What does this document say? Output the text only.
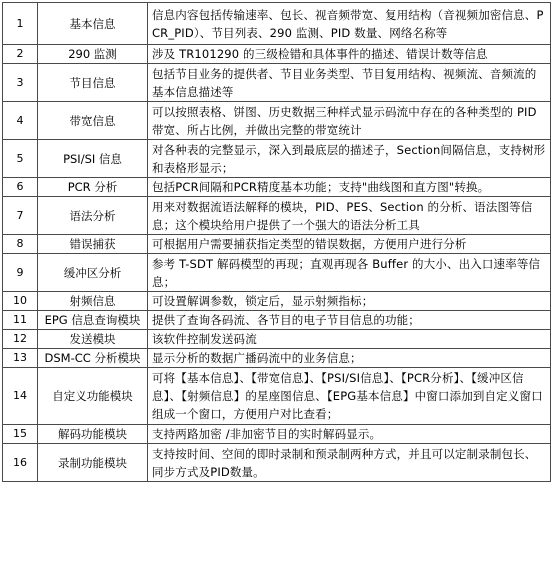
1	基本信息	信息内容包括传输速率、包长、视音频带宽、复用结构（音视频加密信息、PCR_PID）、节目列表、290 监测、PID 数量、网络名称等
2	290 监测	涉及 TR101290 的三级检错和具体事件的描述、错误计数等信息
3	节目信息	包括节目业务的提供者、节目业务类型、节目复用结构、视频流、音频流的基本信息描述等
4	带宽信息	可以按照表格、饼图、历史数据三种样式显示码流中存在的各种类型的 PID带宽、所占比例，并做出完整的带宽统计
5	PSI/SI 信息	对各种表的完整显示，深入到最底层的描述子，Section间隔信息，支持树形和表格形显示；
6	PCR 分析	包括PCR间隔和PCR精度基本功能；支持"曲线图和直方图"转换。
7	语法分析	用来对数据流语法解释的模块，PID、PES、Section 的分析、语法图等信息；这个模块给用户提供了一个强大的语法分析工具
8	错误捕获	可根据用户需要捕获指定类型的错误数据，方便用户进行分析
9	缓冲区分析	参考 T-SDT 解码模型的再现；直观再现各 Buffer 的大小、出入口速率等信息；
10	射频信息	可设置解调参数，锁定后，显示射频指标；
11	EPG 信息查询模块	提供了查询各码流、各节目的电子节目信息的功能；
12	发送模块	该软件控制发送码流
13	DSM-CC 分析模块	显示分析的数据广播码流中的业务信息；
14	自定义功能模块	可将【基本信息】、【带宽信息】、【PSI/SI信息】、【PCR分析】、【缓冲区信息】、【射频信息】的星座图信息、【EPG基本信息】中窗口添加到自定义窗口组成一个窗口，方便用户对比查看；
15	解码功能模块	支持两路加密 /非加密节目的实时解码显示。
16	录制功能模块	支持按时间、空间的即时录制和预录制两种方式，并且可以定制录制包长、同步方式及PID数量。
